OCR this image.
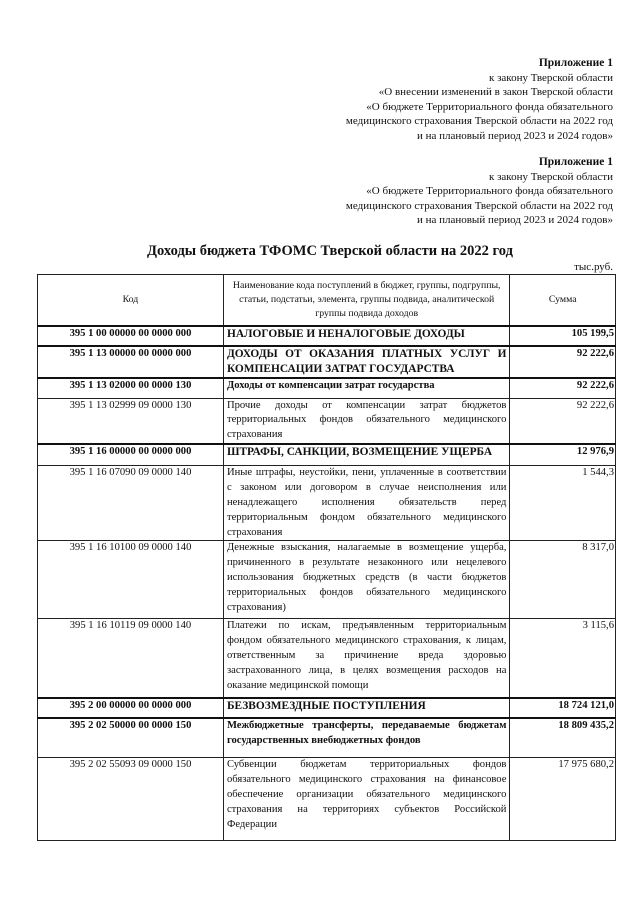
Приложение 1
к закону Тверской области
«О внесении изменений в закон Тверской области
«О бюджете Территориального фонда обязательного
медицинского страхования Тверской области на 2022 год
и на плановый период 2023 и 2024 годов»
Приложение 1
к закону Тверской области
«О бюджете Территориального фонда обязательного
медицинского страхования Тверской области на 2022 год
и на плановый период 2023 и 2024 годов»
Доходы бюджета ТФОМС Тверской области на 2022 год
тыс.руб.
Код	Наименование кода поступлений в бюджет, группы, подгруппы, статьи, подстатьи, элемента, группы подвида, аналитической группы подвида доходов	Сумма
395 1 00 00000 00 0000 000	НАЛОГОВЫЕ И НЕНАЛОГОВЫЕ ДОХОДЫ	105 199,5
395 1 13 00000 00 0000 000	ДОХОДЫ ОТ ОКАЗАНИЯ ПЛАТНЫХ УСЛУГ И КОМПЕНСАЦИИ ЗАТРАТ ГОСУДАРСТВА	92 222,6
395 1 13 02000 00 0000 130	Доходы от компенсации затрат государства	92 222,6
395 1 13 02999 09 0000 130	Прочие доходы от компенсации затрат бюджетов территориальных фондов обязательного медицинского страхования	92 222,6
395 1 16 00000 00 0000 000	ШТРАФЫ, САНКЦИИ, ВОЗМЕЩЕНИЕ УЩЕРБА	12 976,9
395 1 16 07090 09 0000 140	Иные штрафы, неустойки, пени, уплаченные в соответствии с законом или договором в случае неисполнения или ненадлежащего исполнения обязательств перед территориальным фондом обязательного медицинского страхования	1 544,3
395 1 16 10100 09 0000 140	Денежные взыскания, налагаемые в возмещение ущерба, причиненного в результате незаконного или нецелевого использования бюджетных средств (в части бюджетов территориальных фондов обязательного медицинского страхования)	8 317,0
395 1 16 10119 09 0000 140	Платежи по искам, предъявленным территориальным фондом обязательного медицинского страхования, к лицам, ответственным за причинение вреда здоровью застрахованного лица, в целях возмещения расходов на оказание медицинской помощи	3 115,6
395 2 00 00000 00 0000 000	БЕЗВОЗМЕЗДНЫЕ ПОСТУПЛЕНИЯ	18 724 121,0
395 2 02 50000 00 0000 150	Межбюджетные трансферты, передаваемые бюджетам государственных внебюджетных фондов	18 809 435,2
395 2 02 55093 09 0000 150	Субвенции бюджетам территориальных фондов обязательного медицинского страхования на финансовое обеспечение организации обязательного медицинского страхования на территориях субъектов Российской Федерации	17 975 680,2
